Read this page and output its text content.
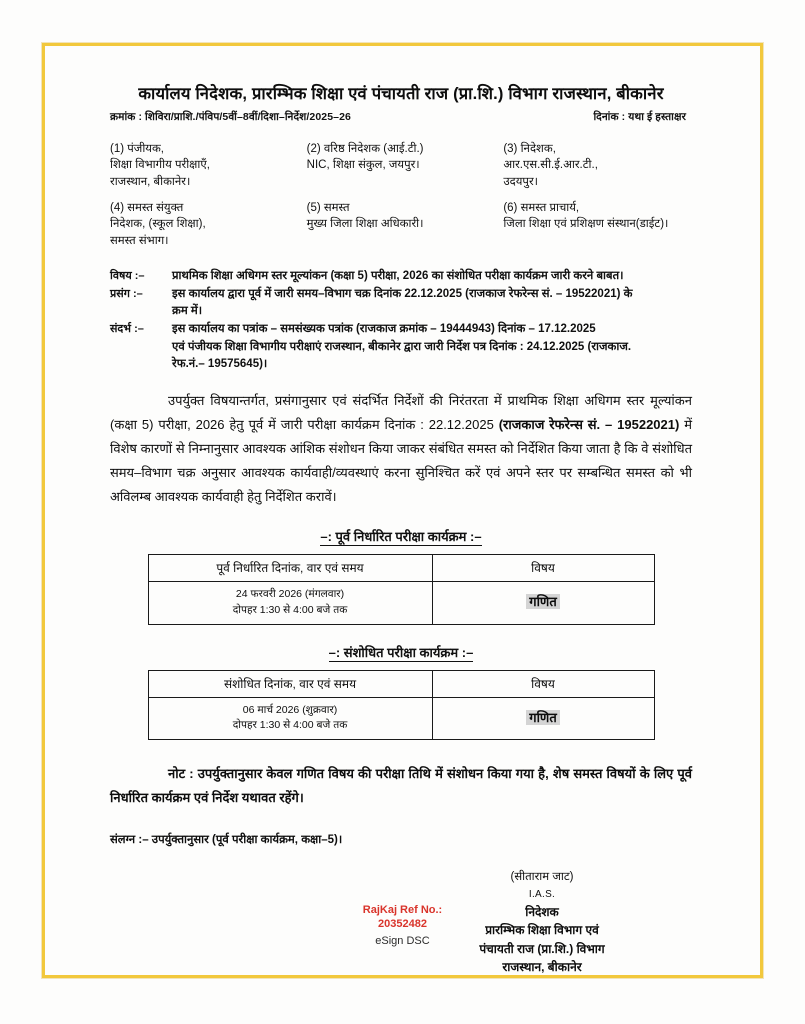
कार्यालय निदेशक, प्रारम्भिक शिक्षा एवं पंचायती राज (प्रा.शि.) विभाग राजस्थान, बीकानेर
क्रमांक : शिविरा/प्राशि./पंविप/5वीं–8वीं/दिशा–निर्देश/2025–26	दिनांक : यथा ई हस्ताक्षर
(1) पंजीयक,
शिक्षा विभागीय परीक्षाएँ,
राजस्थान, बीकानेर।
(2) वरिष्ठ निदेशक (आई.टी.)
NIC, शिक्षा संकुल, जयपुर।

(3) निदेशक,
आर.एस.सी.ई.आर.टी.,
उदयपुर।
(4) समस्त संयुक्त
निदेशक, (स्कूल शिक्षा),
समस्त संभाग।
(5) समस्त
मुख्य जिला शिक्षा अधिकारी।

(6) समस्त प्राचार्य,
जिला शिक्षा एवं प्रशिक्षण संस्थान(डाईट)।

विषय :–	प्राथमिक शिक्षा अधिगम स्तर मूल्यांकन (कक्षा 5) परीक्षा, 2026 का संशोधित परीक्षा कार्यक्रम जारी करने बाबत।
प्रसंग :–	इस कार्यालय द्वारा पूर्व में जारी समय–विभाग चक्र दिनांक 22.12.2025 (राजकाज रेफरेन्स सं. – 19522021) के
क्रम में।
संदर्भ :–	इस कार्यालय का पत्रांक – समसंख्यक पत्रांक (राजकाज क्रमांक – 19444943) दिनांक – 17.12.2025
एवं पंजीयक शिक्षा विभागीय परीक्षाएं राजस्थान, बीकानेर द्वारा जारी निर्देश पत्र दिनांक : 24.12.2025 (राजकाज.
रेफ.नं.– 19575645)।
उपर्युक्त विषयान्तर्गत, प्रसंगानुसार एवं संदर्भित निर्देशों की निरंतरता में प्राथमिक शिक्षा अधिगम स्तर मूल्यांकन (कक्षा 5) परीक्षा, 2026 हेतु पूर्व में जारी परीक्षा कार्यक्रम दिनांक : 22.12.2025 (राजकाज रेफरेन्स सं. – 19522021) में विशेष कारणों से निम्नानुसार आवश्यक आंशिक संशोधन किया जाकर संबंधित समस्त को निर्देशित किया जाता है कि वे संशोधित समय–विभाग चक्र अनुसार आवश्यक कार्यवाही/व्यवस्थाएं करना सुनिश्चित करें एवं अपने स्तर पर सम्बन्धित समस्त को भी अविलम्ब आवश्यक कार्यवाही हेतु निर्देशित करावें।
–: पूर्व निर्धारित परीक्षा कार्यक्रम :–
पूर्व निर्धारित दिनांक, वार एवं समय	विषय

24 फरवरी 2026 (मंगलवार)
दोपहर 1:30 से 4:00 बजे तक	गणित
–: संशोधित परीक्षा कार्यक्रम :–
संशोधित दिनांक, वार एवं समय	विषय

06 मार्च 2026 (शुक्रवार)
दोपहर 1:30 से 4:00 बजे तक	गणित
नोट : उपर्युक्तानुसार केवल गणित विषय की परीक्षा तिथि में संशोधन किया गया है, शेष समस्त विषयों के लिए पूर्व निर्धारित कार्यक्रम एवं निर्देश यथावत रहेंगे।
संलग्न :– उपर्युक्तानुसार (पूर्व परीक्षा कार्यक्रम, कक्षा–5)।
(सीताराम जाट)
I.A.S.
निदेशक
प्रारम्भिक शिक्षा विभाग एवं
पंचायती राज (प्रा.शि.) विभाग
राजस्थान, बीकानेर
RajKaj Ref No.:
20352482
eSign DSC
